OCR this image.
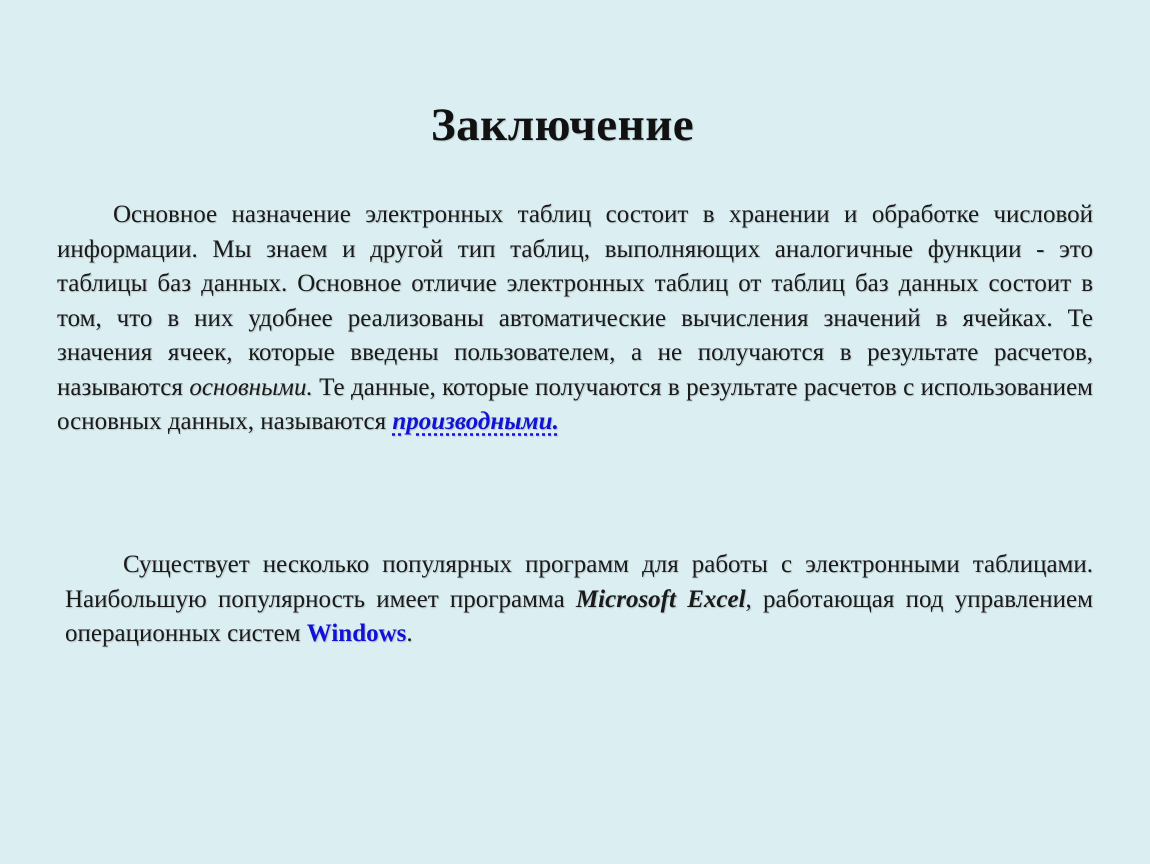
Заключение

Основное назначение электронных таблиц состоит в хранении и обработке числовой информации. Мы знаем и другой тип таблиц, выполняющих аналогичные функции - это таблицы баз данных. Основное отличие электронных таблиц от таблиц баз данных состоит в том, что в них удобнее реализованы автоматические вычисления значений в ячейках. Те значения ячеек, которые введены пользователем, а не получаются в результате расчетов, называются основными. Те данные, которые получаются в результате расчетов с использованием основных данных, называются производными.

Существует несколько популярных программ для работы с электронными таблицами. Наибольшую популярность имеет программа Microsoft Excel, работающая под управлением операционных систем Windows.
